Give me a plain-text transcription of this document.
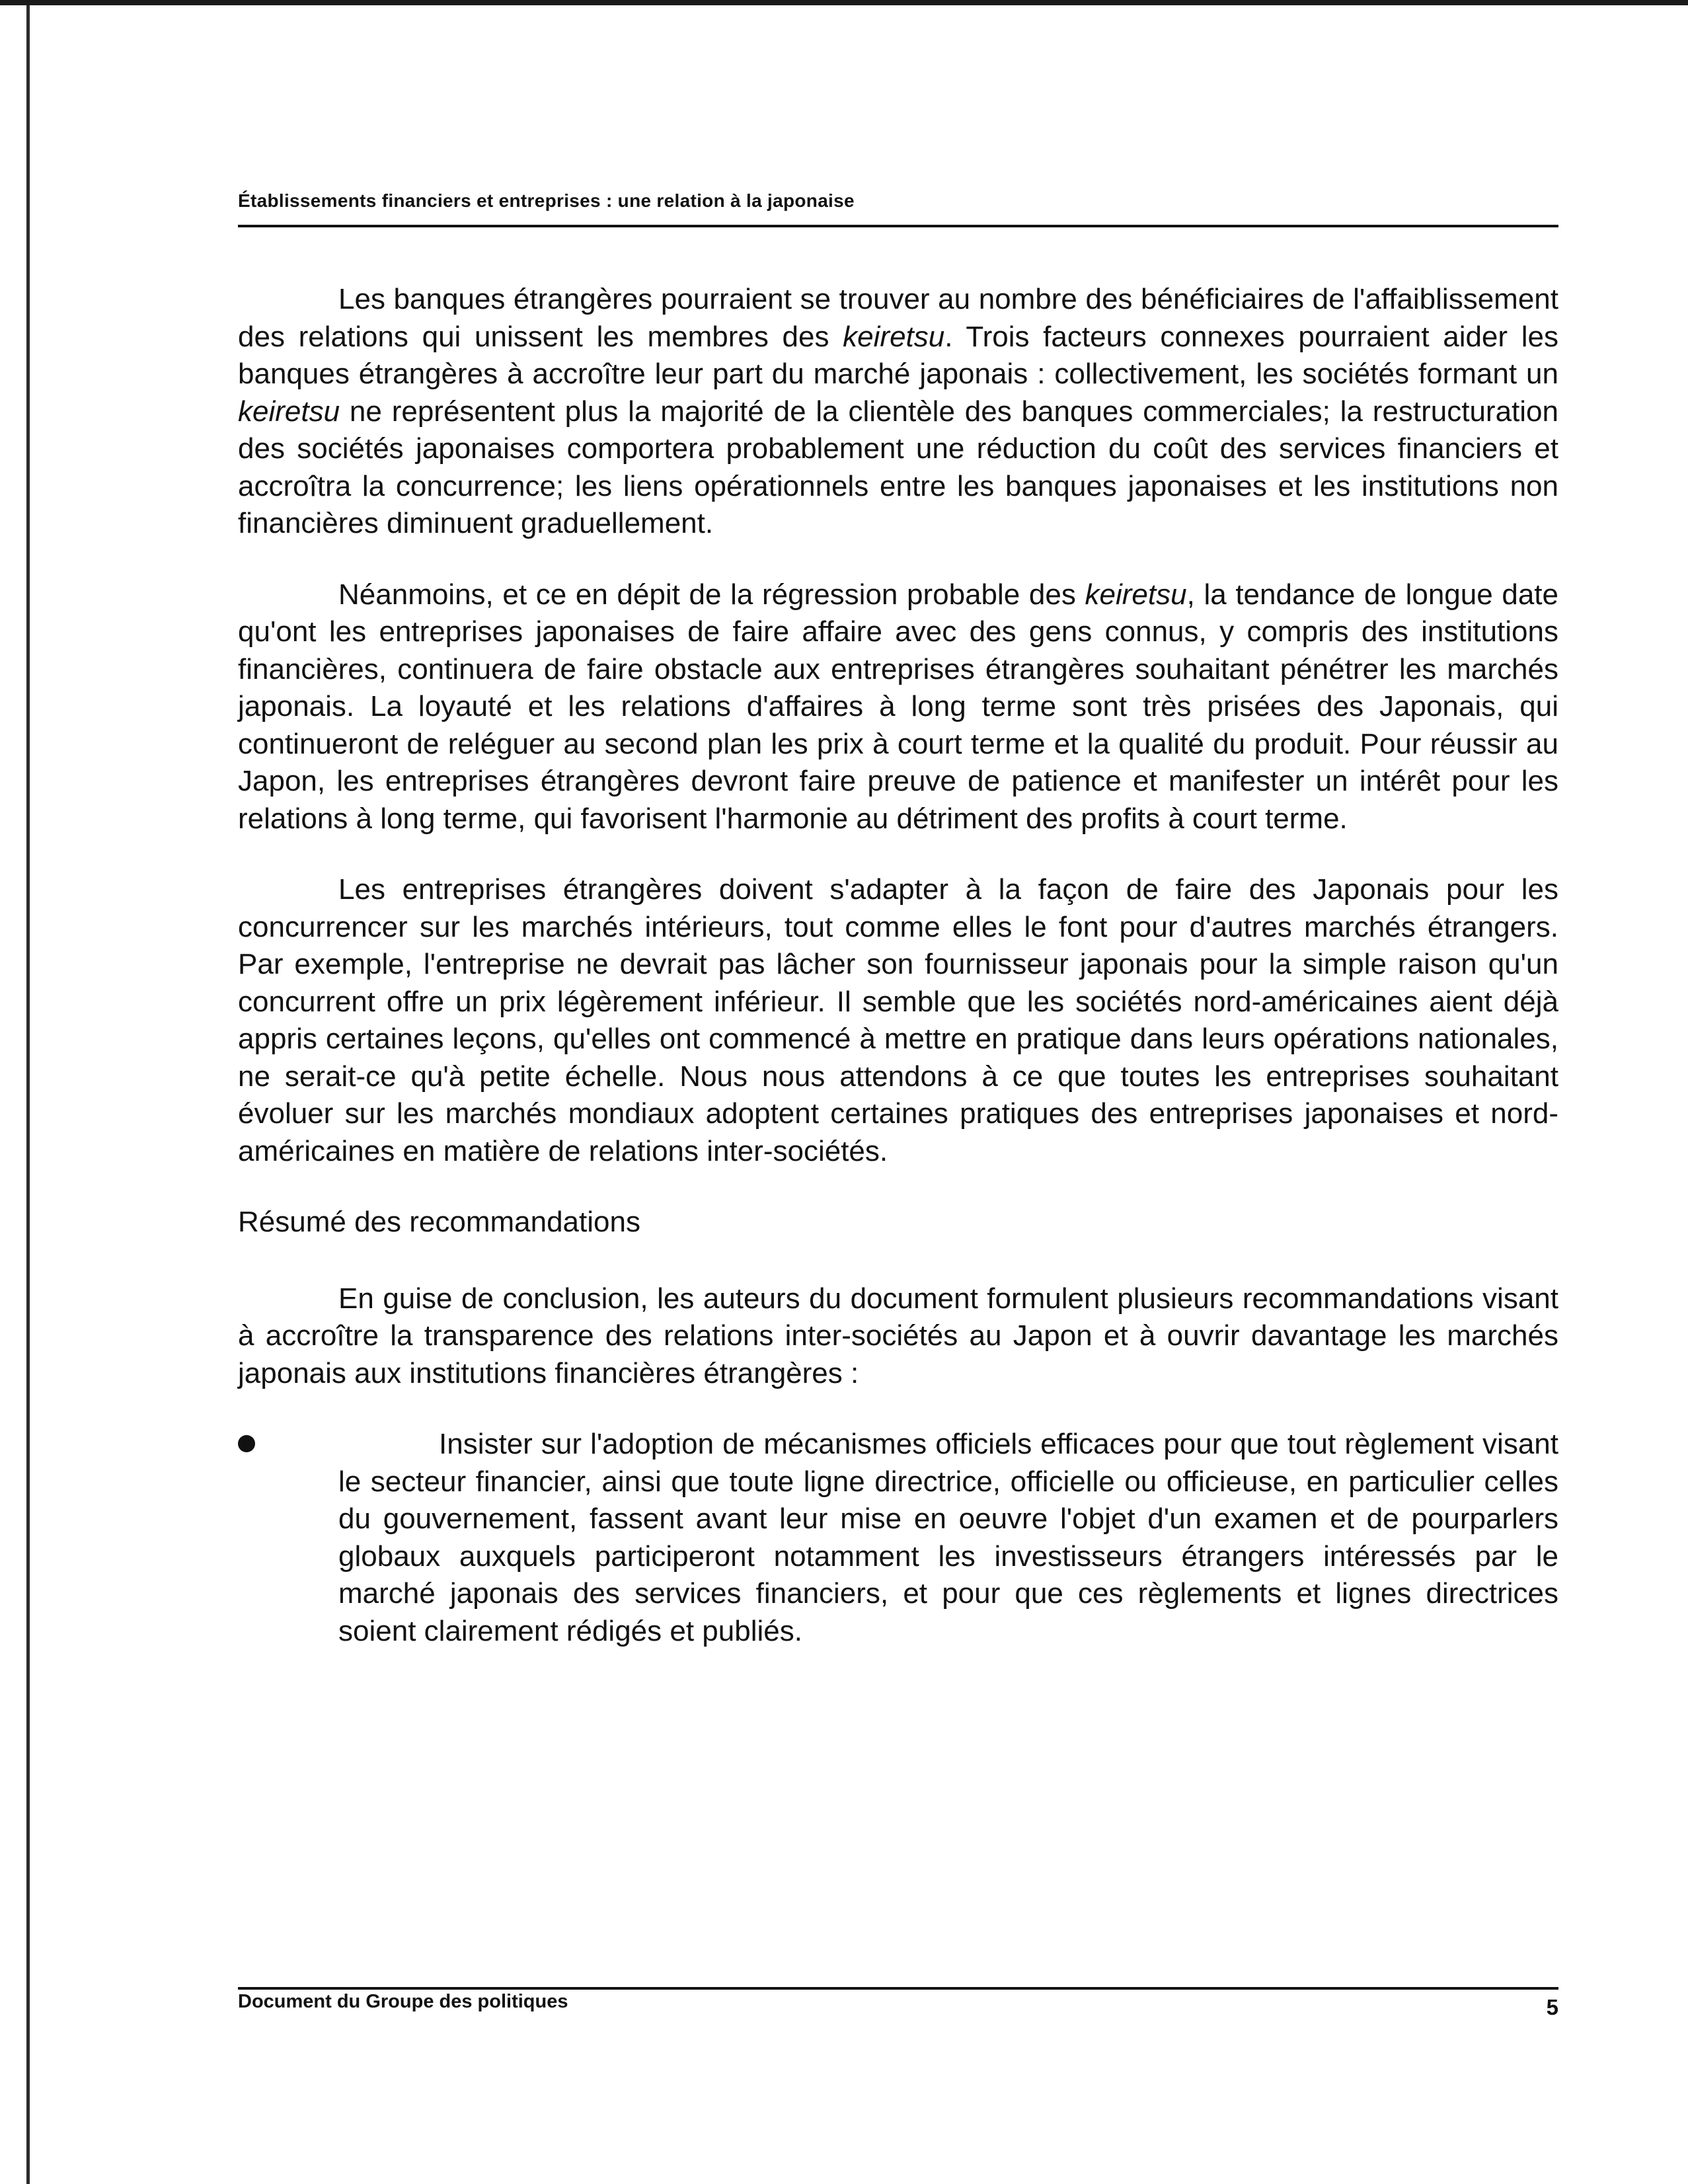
Établissements financiers et entreprises : une relation à la japonaise

Les banques étrangères pourraient se trouver au nombre des bénéficiaires de l'affaiblissement des relations qui unissent les membres des keiretsu. Trois facteurs connexes pourraient aider les banques étrangères à accroître leur part du marché japonais : collectivement, les sociétés formant un keiretsu ne représentent plus la majorité de la clientèle des banques commerciales; la restructuration des sociétés japonaises comportera probablement une réduction du coût des services financiers et accroîtra la concurrence; les liens opérationnels entre les banques japonaises et les institutions non financières diminuent graduellement.

Néanmoins, et ce en dépit de la régression probable des keiretsu, la tendance de longue date qu'ont les entreprises japonaises de faire affaire avec des gens connus, y compris des institutions financières, continuera de faire obstacle aux entreprises étrangères souhaitant pénétrer les marchés japonais. La loyauté et les relations d'affaires à long terme sont très prisées des Japonais, qui continueront de reléguer au second plan les prix à court terme et la qualité du produit. Pour réussir au Japon, les entreprises étrangères devront faire preuve de patience et manifester un intérêt pour les relations à long terme, qui favorisent l'harmonie au détriment des profits à court terme.

Les entreprises étrangères doivent s'adapter à la façon de faire des Japonais pour les concurrencer sur les marchés intérieurs, tout comme elles le font pour d'autres marchés étrangers. Par exemple, l'entreprise ne devrait pas lâcher son fournisseur japonais pour la simple raison qu'un concurrent offre un prix légèrement inférieur. Il semble que les sociétés nord-américaines aient déjà appris certaines leçons, qu'elles ont commencé à mettre en pratique dans leurs opérations nationales, ne serait-ce qu'à petite échelle. Nous nous attendons à ce que toutes les entreprises souhaitant évoluer sur les marchés mondiaux adoptent certaines pratiques des entreprises japonaises et nord-américaines en matière de relations inter-sociétés.

Résumé des recommandations

En guise de conclusion, les auteurs du document formulent plusieurs recommandations visant à accroître la transparence des relations inter-sociétés au Japon et à ouvrir davantage les marchés japonais aux institutions financières étrangères :

Insister sur l'adoption de mécanismes officiels efficaces pour que tout règlement visant le secteur financier, ainsi que toute ligne directrice, officielle ou officieuse, en particulier celles du gouvernement, fassent avant leur mise en oeuvre l'objet d'un examen et de pourparlers globaux auxquels participeront notamment les investisseurs étrangers intéressés par le marché japonais des services financiers, et pour que ces règlements et lignes directrices soient clairement rédigés et publiés.

Document du Groupe des politiques	5
